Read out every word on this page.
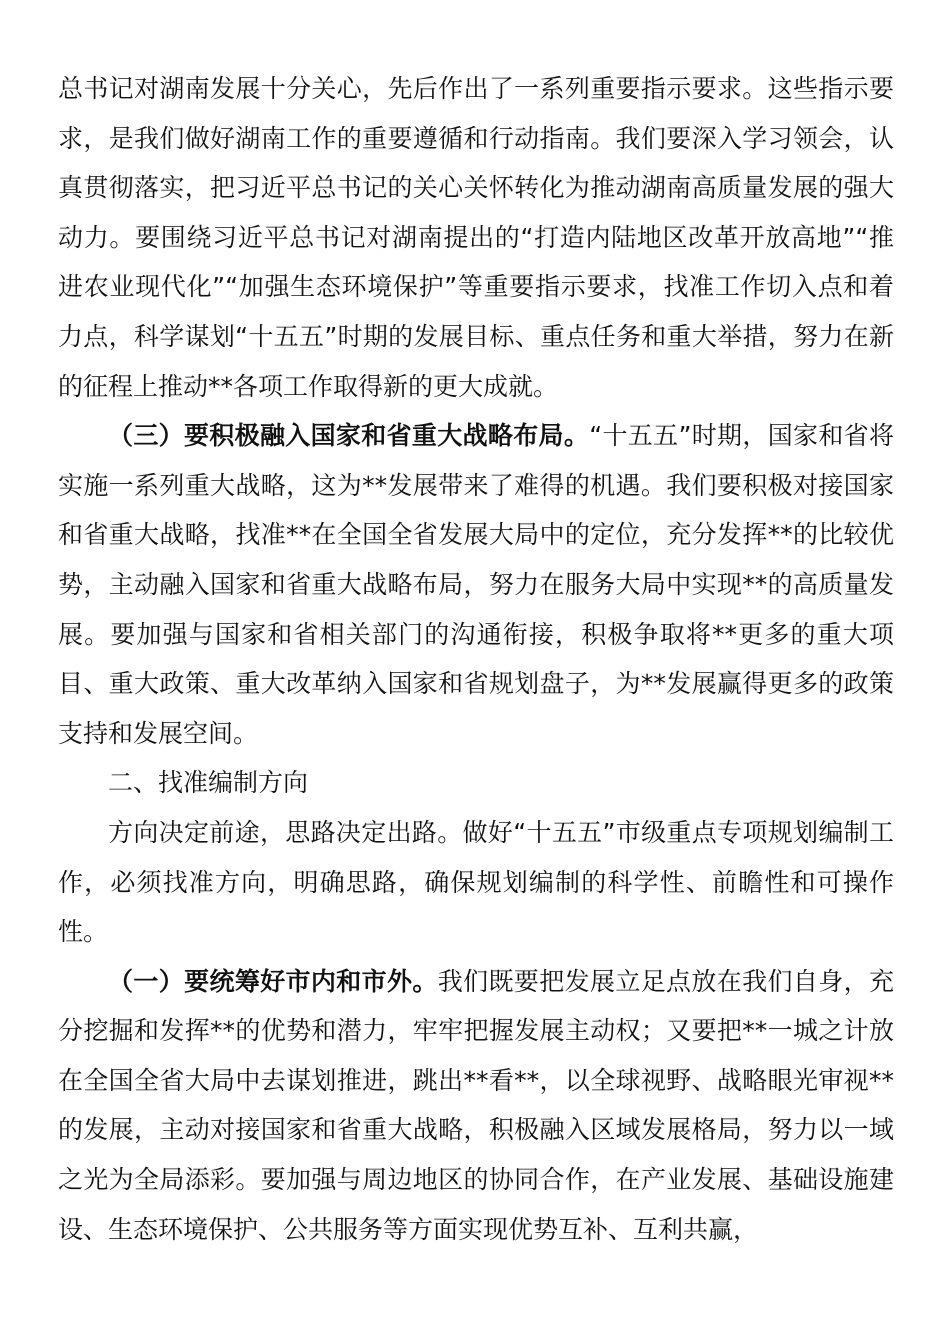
总书记对湖南发展十分关心，先后作出了一系列重要指示要求。这些指示要求，是我们做好湖南工作的重要遵循和行动指南。我们要深入学习领会，认真贯彻落实，把习近平总书记的关心关怀转化为推动湖南高质量发展的强大动力。要围绕习近平总书记对湖南提出的“打造内陆地区改革开放高地”“推进农业现代化”“加强生态环境保护”等重要指示要求，找准工作切入点和着力点，科学谋划“十五五”时期的发展目标、重点任务和重大举措，努力在新的征程上推动**各项工作取得新的更大成就。

（三）要积极融入国家和省重大战略布局。“十五五”时期，国家和省将实施一系列重大战略，这为**发展带来了难得的机遇。我们要积极对接国家和省重大战略，找准**在全国全省发展大局中的定位，充分发挥**的比较优势，主动融入国家和省重大战略布局，努力在服务大局中实现**的高质量发展。要加强与国家和省相关部门的沟通衔接，积极争取将**更多的重大项目、重大政策、重大改革纳入国家和省规划盘子，为**发展赢得更多的政策支持和发展空间。

二、找准编制方向

方向决定前途，思路决定出路。做好“十五五”市级重点专项规划编制工作，必须找准方向，明确思路，确保规划编制的科学性、前瞻性和可操作性。

（一）要统筹好市内和市外。我们既要把发展立足点放在我们自身，充分挖掘和发挥**的优势和潜力，牢牢把握发展主动权；又要把**一城之计放在全国全省大局中去谋划推进，跳出**看**，以全球视野、战略眼光审视**的发展，主动对接国家和省重大战略，积极融入区域发展格局，努力以一域之光为全局添彩。要加强与周边地区的协同合作，在产业发展、基础设施建设、生态环境保护、公共服务等方面实现优势互补、互利共赢，
